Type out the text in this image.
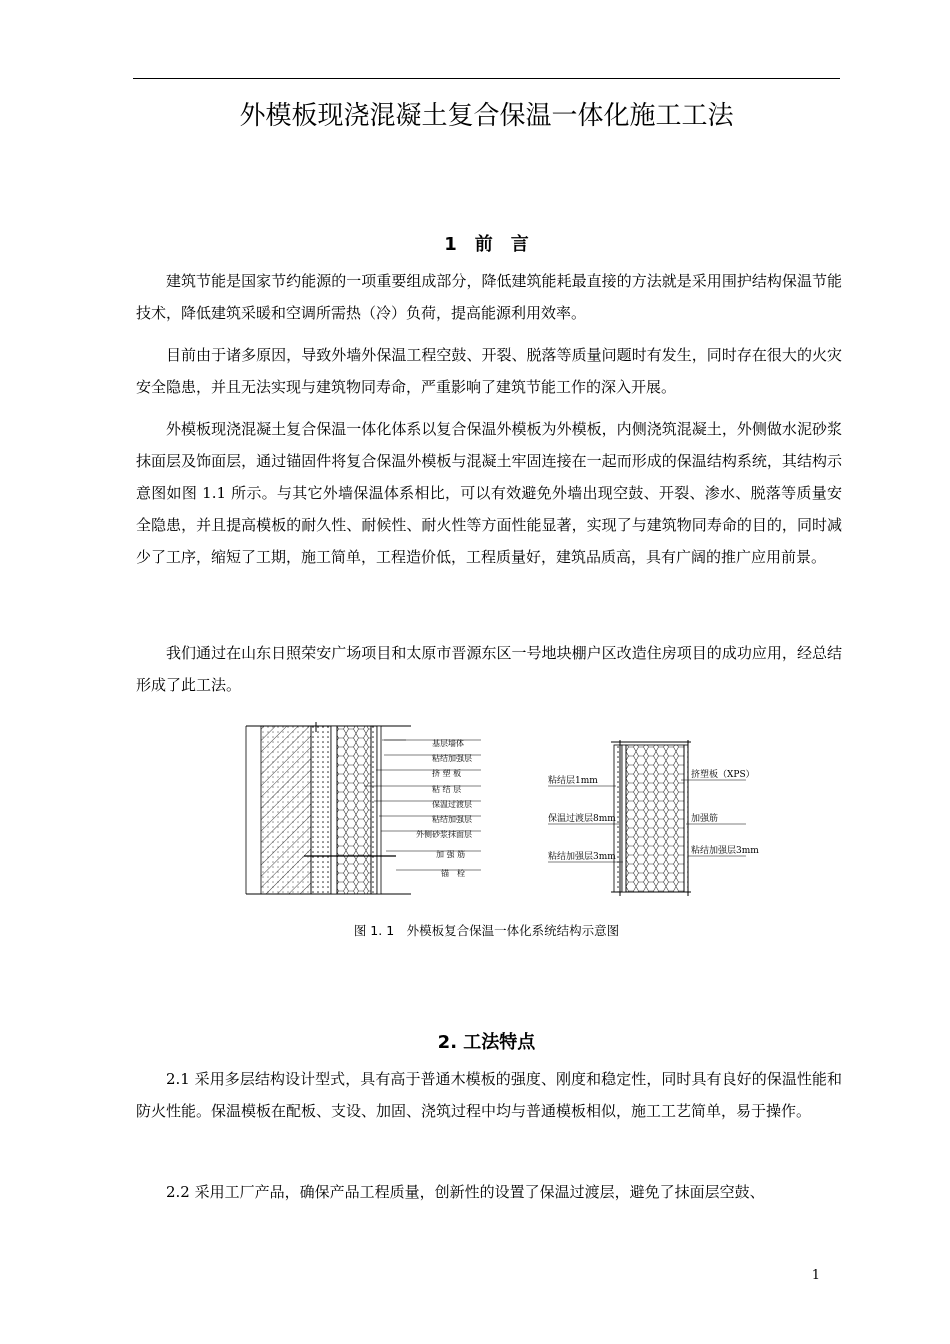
外模板现浇混凝土复合保温一体化施工工法
1　前　言

建筑节能是国家节约能源的一项重要组成部分，降低建筑能耗最直接的方法就是采用围护结构保温节能技术，降低建筑采暖和空调所需热（冷）负荷，提高能源利用效率。

目前由于诸多原因，导致外墙外保温工程空鼓、开裂、脱落等质量问题时有发生，同时存在很大的火灾安全隐患，并且无法实现与建筑物同寿命，严重影响了建筑节能工作的深入开展。

外模板现浇混凝土复合保温一体化体系以复合保温外模板为外模板，内侧浇筑混凝土，外侧做水泥砂浆抹面层及饰面层，通过锚固件将复合保温外模板与混凝土牢固连接在一起而形成的保温结构系统，其结构示意图如图 1.1 所示。与其它外墙保温体系相比，可以有效避免外墙出现空鼓、开裂、渗水、脱落等质量安全隐患，并且提高模板的耐久性、耐候性、耐火性等方面性能显著，实现了与建筑物同寿命的目的，同时减少了工序，缩短了工期，施工简单，工程造价低，工程质量好，建筑品质高，具有广阔的推广应用前景。

我们通过在山东日照荣安广场项目和太原市晋源东区一号地块棚户区改造住房项目的成功应用，经总结形成了此工法。

基层墙体
粘结加强层
挤 塑 板
粘 结 层
保温过渡层
粘结加强层
外侧砂浆抹面层
加 强 筋
锚　栓
粘结层1mm
保温过渡层8mm
粘结加强层3mm
挤塑板（XPS）
加强筋
粘结加强层3mm
图 1. 1　外模板复合保温一体化系统结构示意图
2. 工法特点

2.1 采用多层结构设计型式，具有高于普通木模板的强度、刚度和稳定性，同时具有良好的保温性能和防火性能。保温模板在配板、支设、加固、浇筑过程中均与普通模板相似，施工工艺简单，易于操作。

2.2 采用工厂产品，确保产品工程质量，创新性的设置了保温过渡层，避免了抹面层空鼓、

1
